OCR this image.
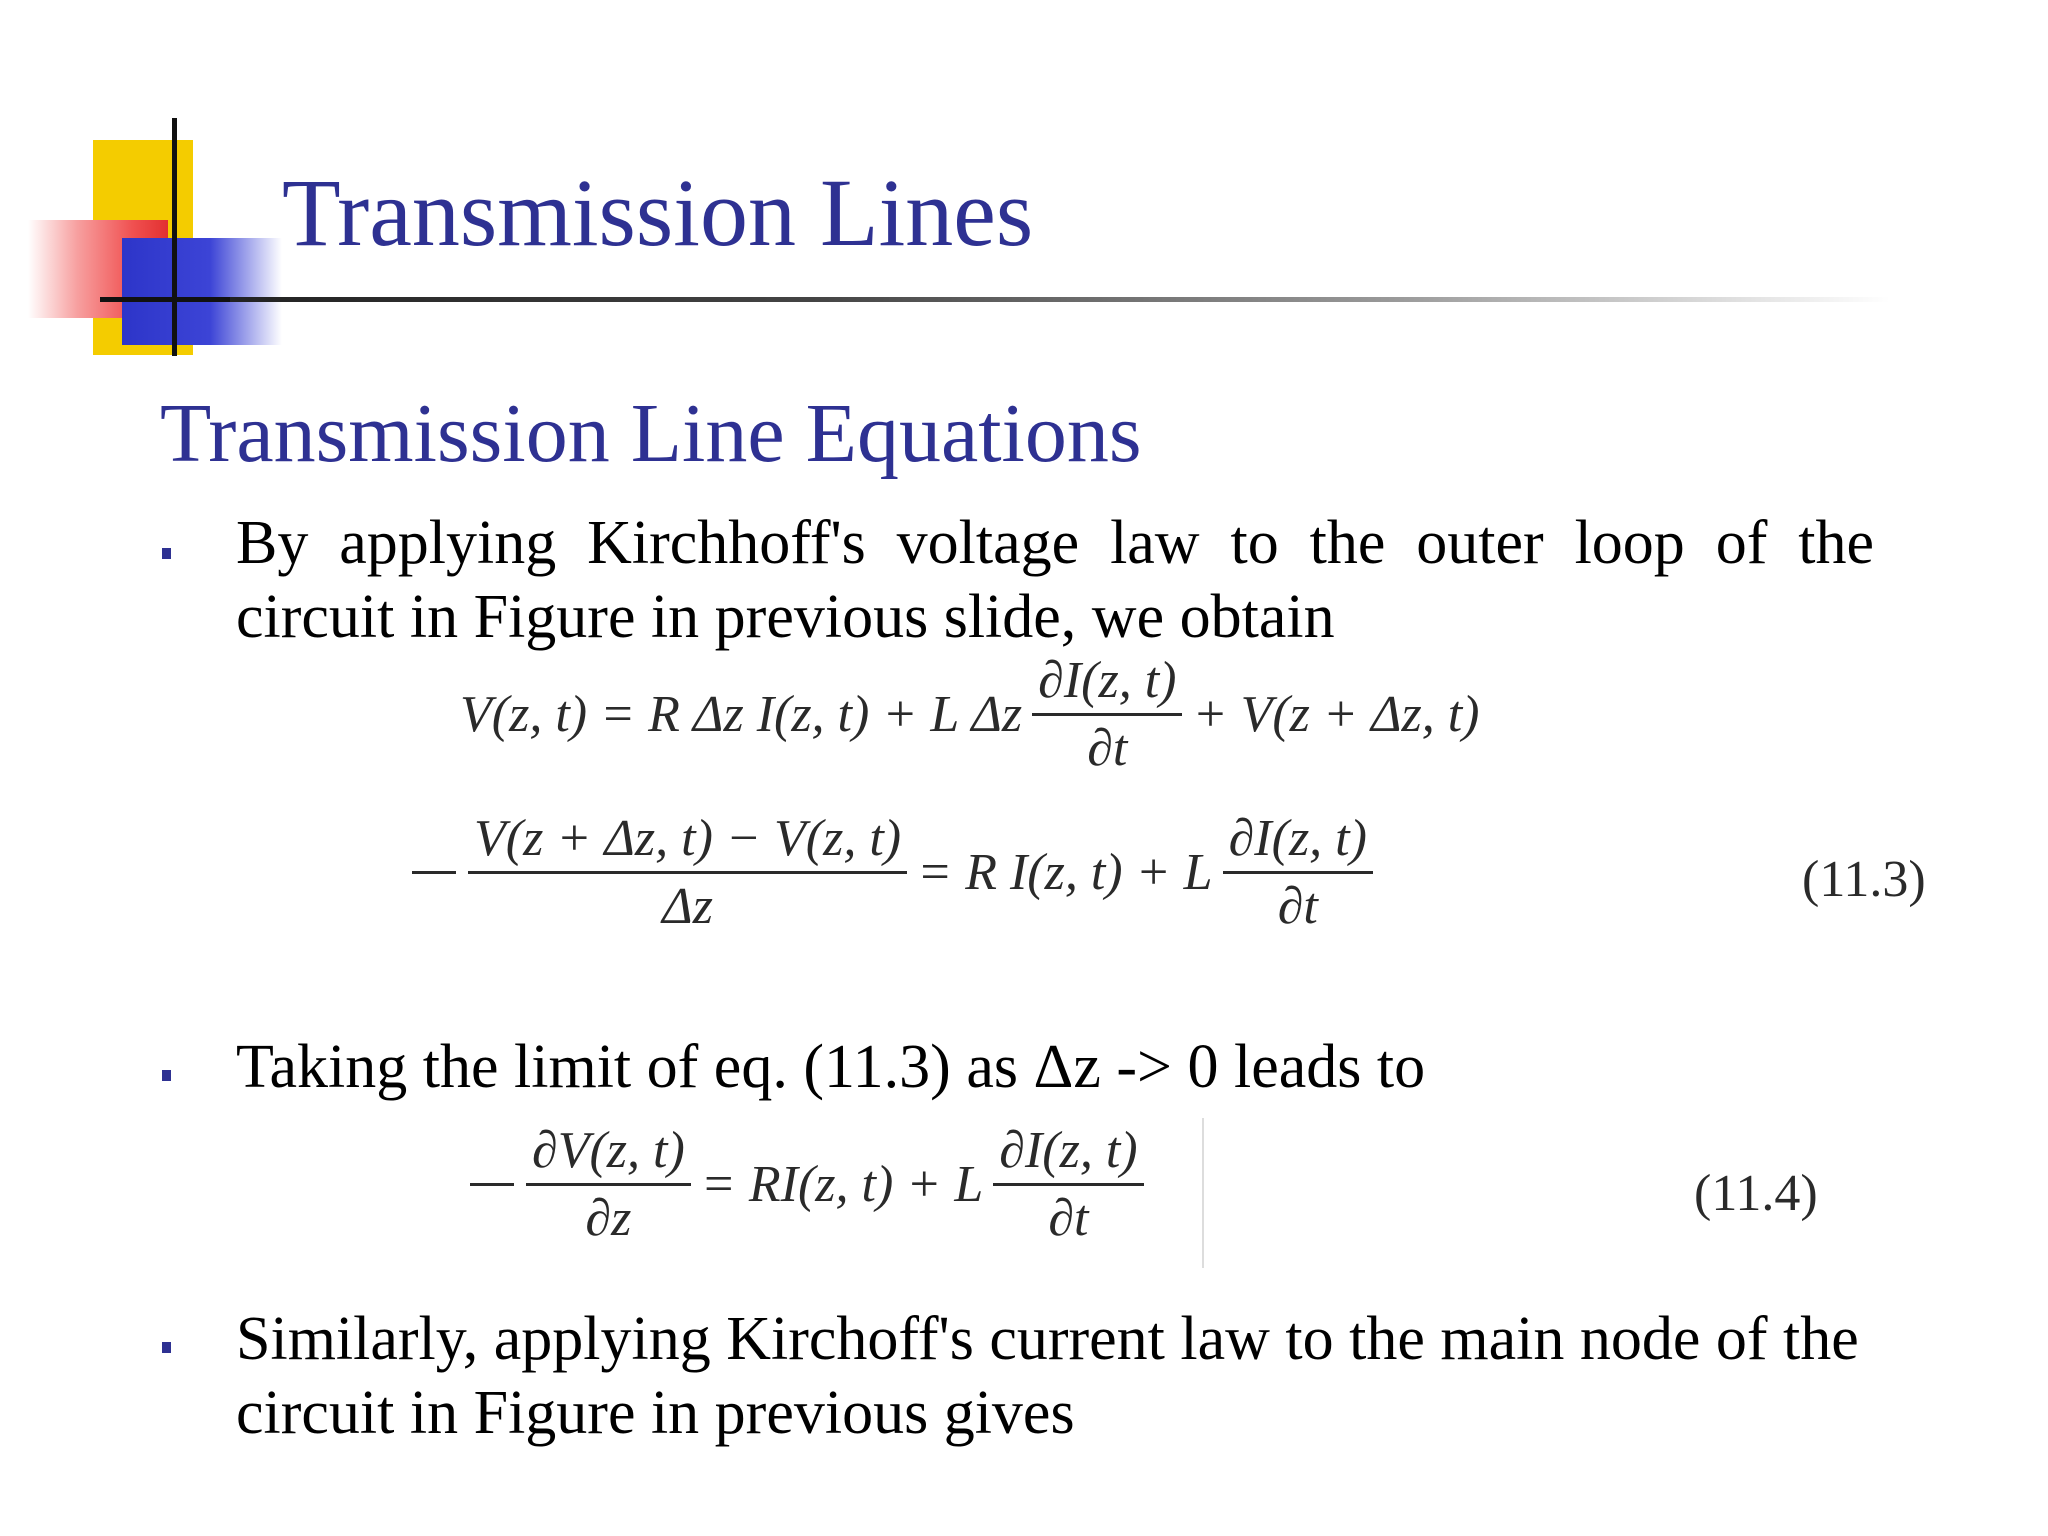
Transmission Lines
Transmission Line Equations
By applying Kirchhoff's voltage law to the outer loop of the circuit in Figure in previous slide, we obtain
V(z, t) = R Δz I(z, t) + L Δz $\frac{\partial I(z, t)}{\partial t} + V(z + \Delta z$, t)
$\frac{V(z + \Delta z, t) - V(z, t)}{\Delta z} = R$ I(z, t) + L $\frac{\partial I(z, t)}{\partial t}$	(11.3)
Taking the limit of eq. (11.3) as Δz -> 0 leads to
$\frac{\partial V(z, t)}{\partial z} = RI(z$, t) + L $\frac{\partial I(z, t)}{\partial t}$	(11.4)
Similarly, applying Kirchoff's current law to the main node of the circuit in Figure in previous gives
